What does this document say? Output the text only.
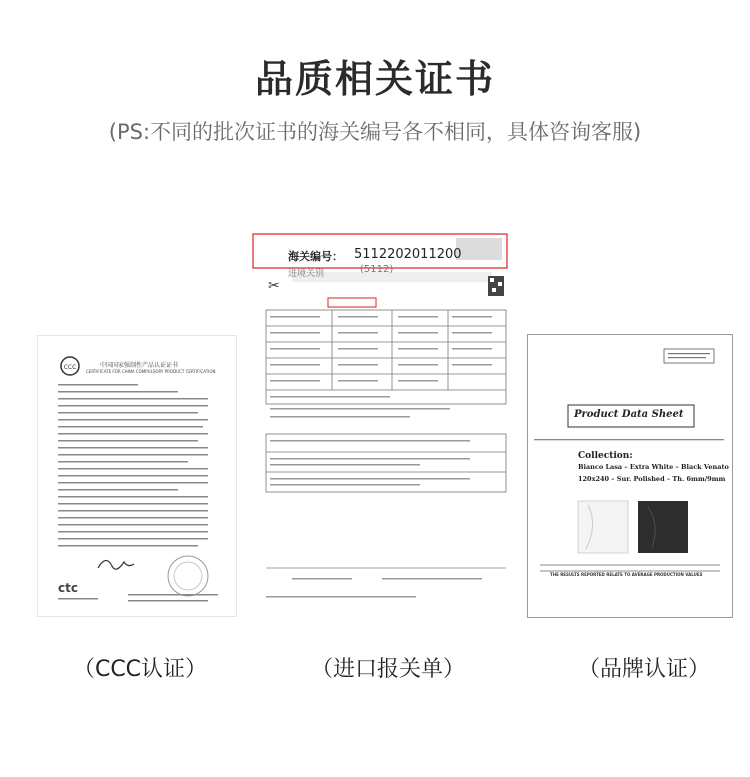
品质相关证书
(PS:不同的批次证书的海关编号各不相同，具体咨询客服)
CCC
ctc
中国国家强制性产品认证证书
CERTIFICATE FOR CHINA COMPULSORY PRODUCT CERTIFICATION
✂
海关编号： 5112202011200
(5112)
进境关别
Product Data Sheet
Collection:
Bianco Lasa – Extra White – Black Venato
120x240 – Sur. Polished – Th. 6mm/9mm
THE RESULTS REPORTED RELATE TO AVERAGE PRODUCTION VALUES
（CCC认证）	（进口报关单）	（品牌认证）
